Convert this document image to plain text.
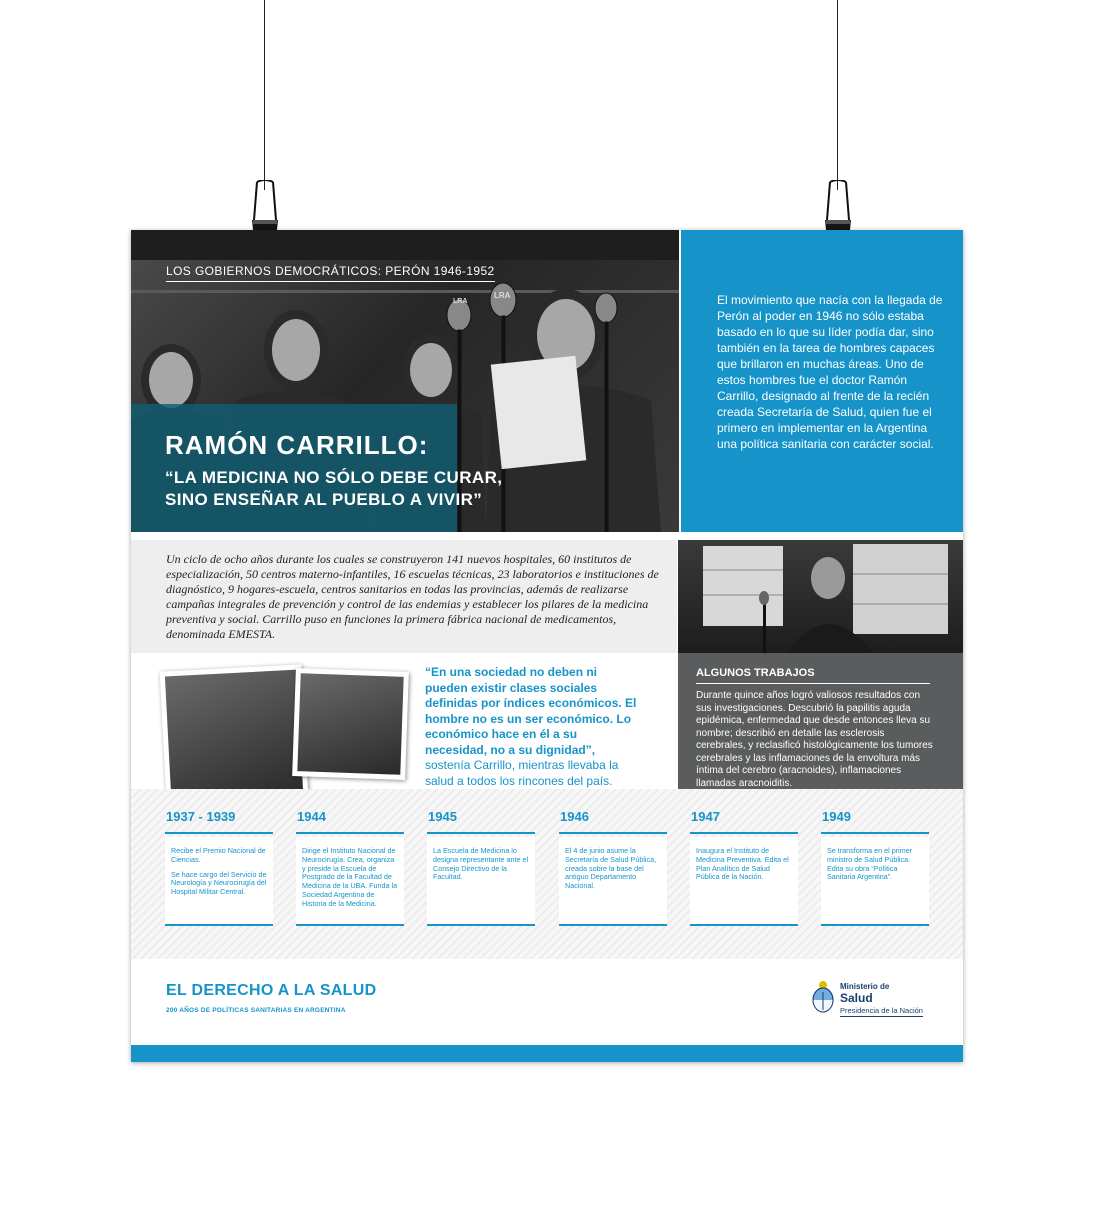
LRA
LRA
LOS GOBIERNOS DEMOCRÁTICOS: PERÓN 1946-1952
RAMÓN CARRILLO:
“LA MEDICINA NO SÓLO DEBE CURAR,
SINO ENSEÑAR AL PUEBLO A VIVIR”
El movimiento que nacía con la llegada de Perón al poder en 1946 no sólo estaba basado en lo que su líder podía dar, sino también en la tarea de hombres capaces que brillaron en muchas áreas. Uno de estos hombres fue el doctor Ramón Carrillo, designado al frente de la recién creada Secretaría de Salud, quien fue el primero en implementar en la Argentina una política sanitaria con carácter social.
Un ciclo de ocho años durante los cuales se construyeron 141 nuevos hospitales, 60 institutos de especialización, 50 centros materno-infantiles, 16 escuelas técnicas, 23 laboratorios e instituciones de diagnóstico, 9 hogares-escuela, centros sanitarios en todas las provincias, además de realizarse campañas integrales de prevención y control de las endemias y establecer los pilares de la medicina preventiva y social. Carrillo puso en funciones la primera fábrica nacional de medicamentos, denominada EMESTA.
ALGUNOS TRABAJOS
Durante quince años logró valiosos resultados con sus investigaciones. Descubrió la papilitis aguda epidémica, enfermedad que desde entonces lleva su nombre; describió en detalle las esclerosis cerebrales, y reclasificó histológicamente los tumores cerebrales y las inflamaciones de la envoltura más íntima del cerebro (aracnoides), inflamaciones llamadas aracnoiditis.
“En una sociedad no deben ni pueden existir clases sociales definidas por índices económicos. El hombre no es un ser económico. Lo económico hace en él a su necesidad, no a su dignidad”, sostenía Carrillo, mientras llevaba la salud a todos los rincones del país.
1937 - 1939

Recibe el Premio Nacional de Ciencias.

Se hace cargo del Servicio de Neurología y Neurocirugía del Hospital Militar Central.

1944

Dirige el Instituto Nacional de Neurocirugía. Crea, organiza y preside la Escuela de Postgrado de la Facultad de Medicina de la UBA. Funda la Sociedad Argentina de Historia de la Medicina.

1945

La Escuela de Medicina lo designa representante ante el Consejo Directivo de la Facultad.

1946

El 4 de junio asume la Secretaría de Salud Pública, creada sobre la base del antiguo Departamento Nacional.

1947

Inaugura el Instituto de Medicina Preventiva. Edita el Plan Analítico de Salud Pública de la Nación.

1949

Se transforma en el primer ministro de Salud Pública. Edita su obra “Política Sanitaria Argentina”.

EL DERECHO A LA SALUD
200 AÑOS DE POLÍTICAS SANITARIAS EN ARGENTINA
Ministerio de
Salud
Presidencia de la Nación
